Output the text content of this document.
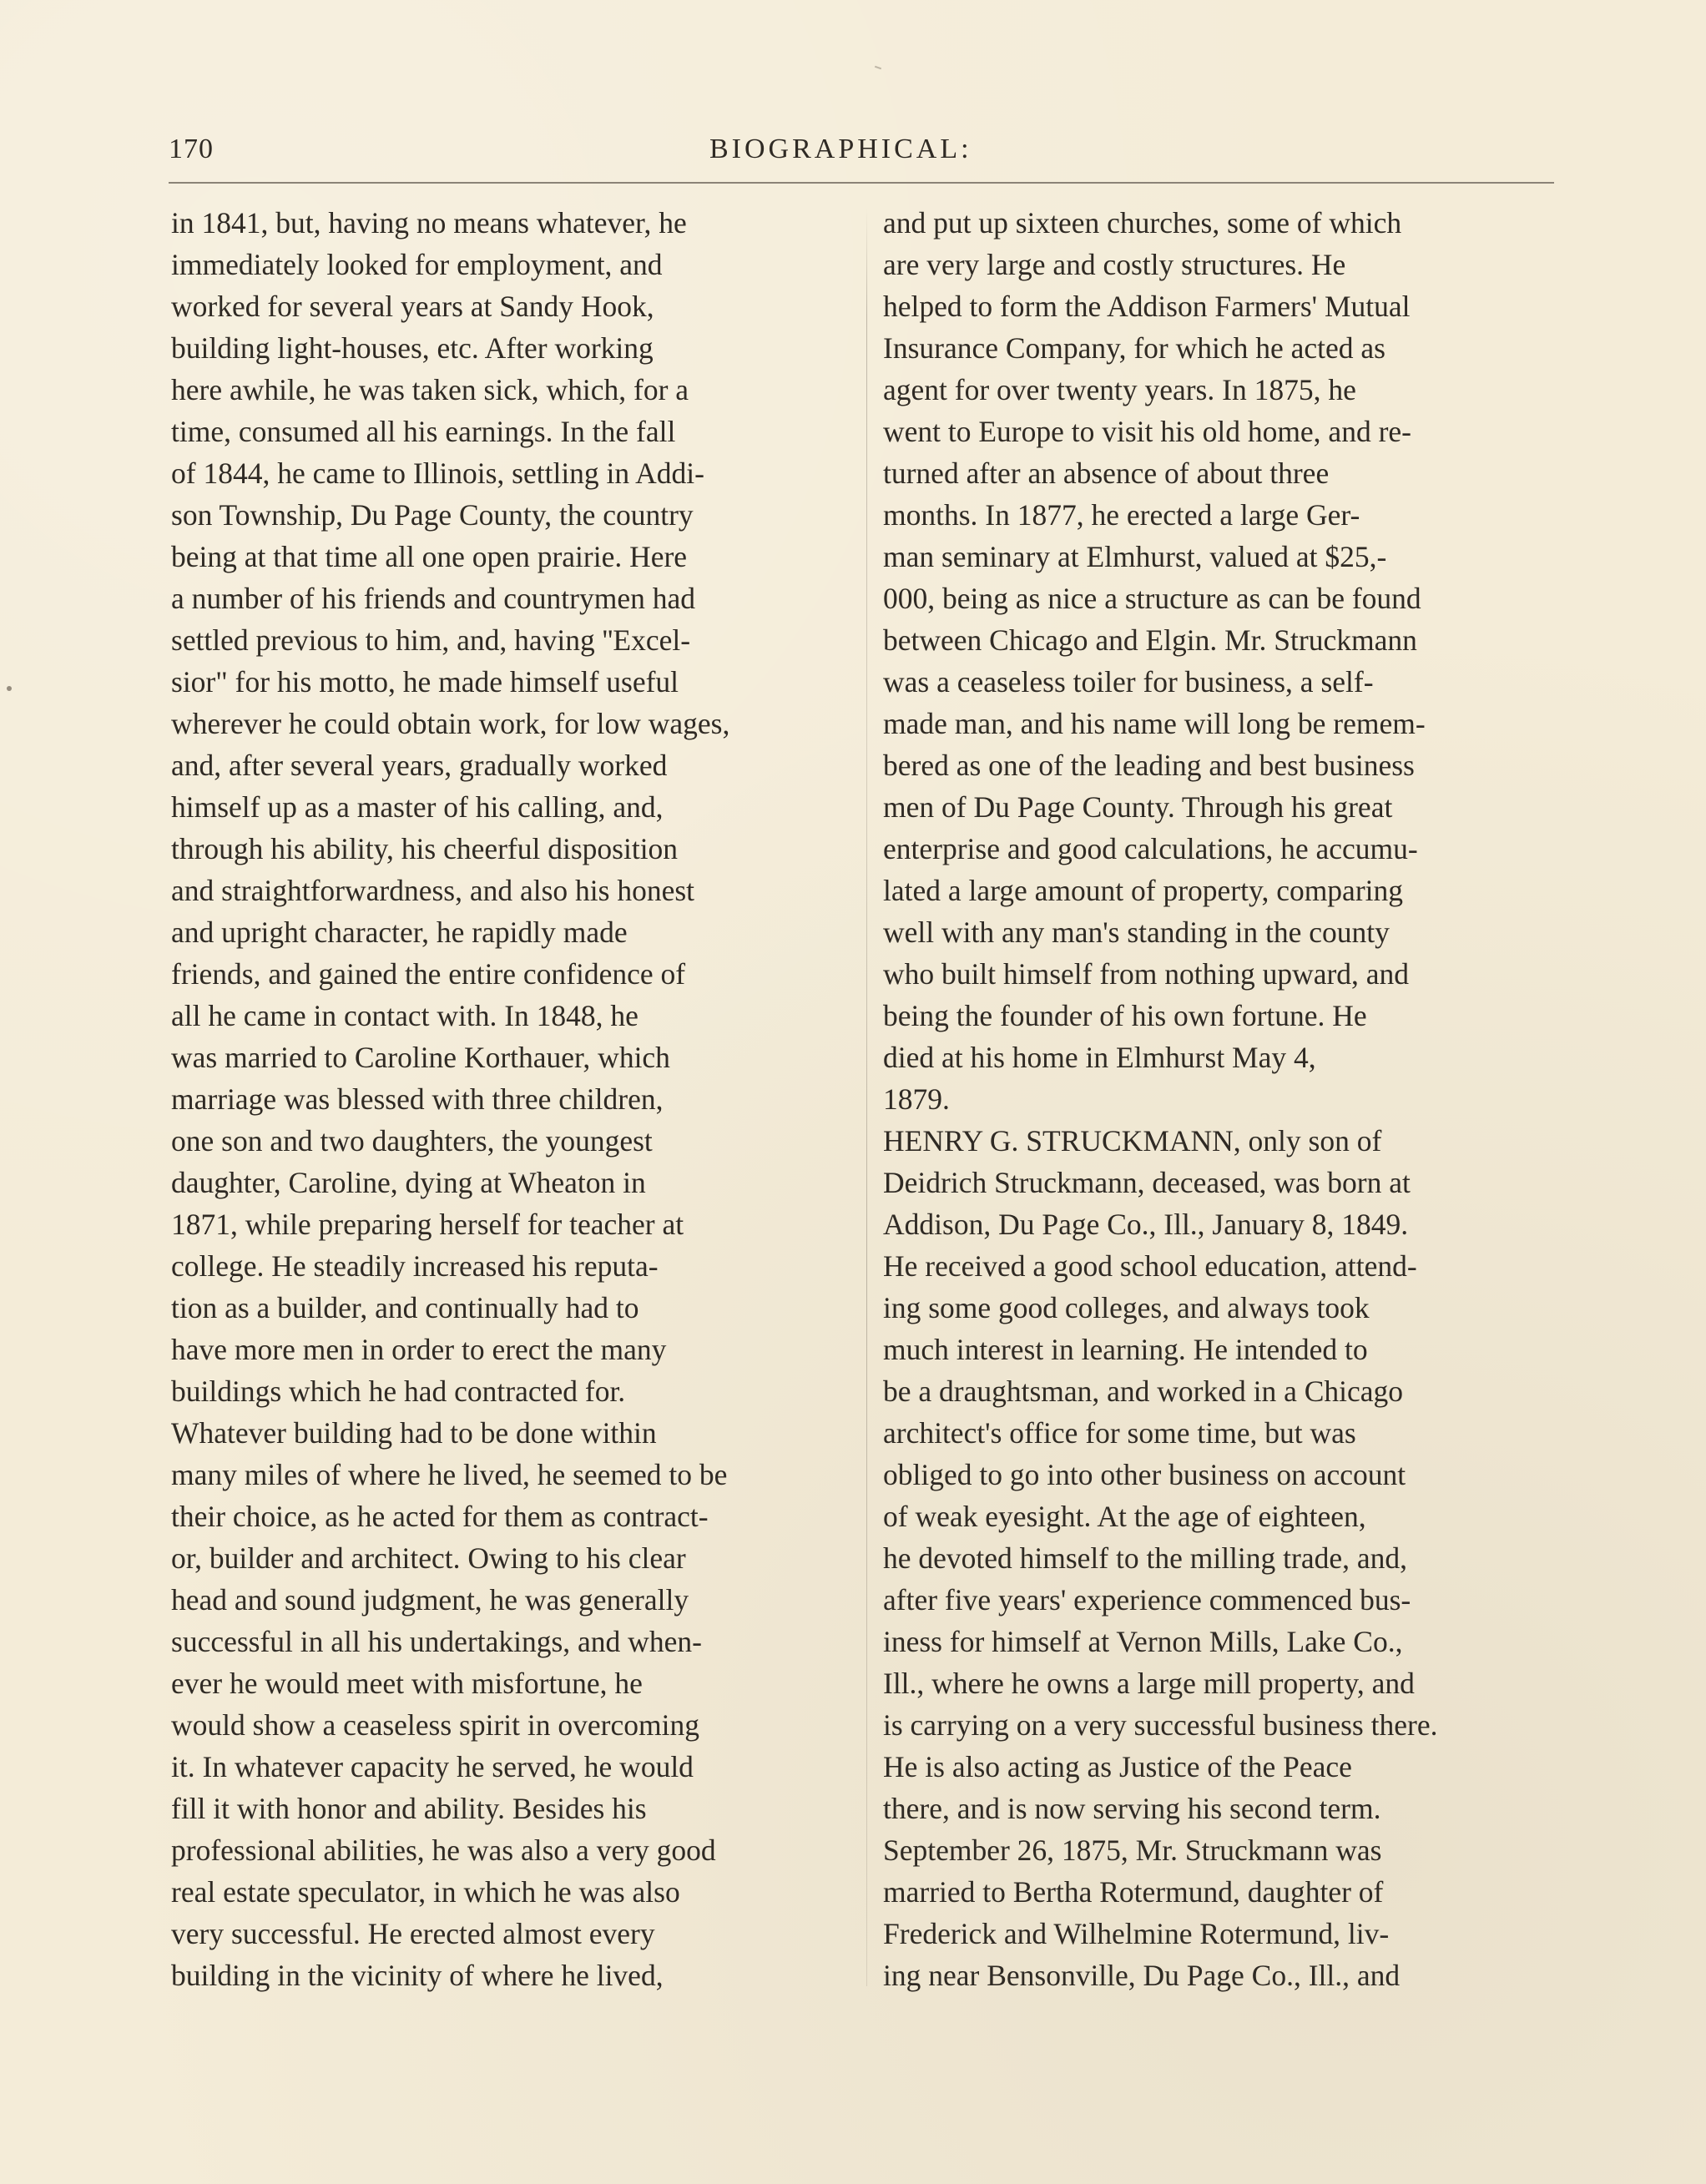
170	BIOGRAPHICAL:
in 1841, but, having no means whatever, he
immediately looked for employment, and
worked for several years at Sandy Hook,
building light-houses, etc. After working
here awhile, he was taken sick, which, for a
time, consumed all his earnings. In the fall
of 1844, he came to Illinois, settling in Addi-
son Township, Du Page County, the country
being at that time all one open prairie. Here
a number of his friends and countrymen had
settled previous to him, and, having ''Excel-
sior" for his motto, he made himself useful
wherever he could obtain work, for low wages,
and, after several years, gradually worked
himself up as a master of his calling, and,
through his ability, his cheerful disposition
and straightforwardness, and also his honest
and upright character, he rapidly made
friends, and gained the entire confidence of
all he came in contact with. In 1848, he
was married to Caroline Korthauer, which
marriage was blessed with three children,
one son and two daughters, the youngest
daughter, Caroline, dying at Wheaton in
1871, while preparing herself for teacher at
college. He steadily increased his reputa-
tion as a builder, and continually had to
have more men in order to erect the many
buildings which he had contracted for.
Whatever building had to be done within
many miles of where he lived, he seemed to be
their choice, as he acted for them as contract-
or, builder and architect. Owing to his clear
head and sound judgment, he was generally
successful in all his undertakings, and when-
ever he would meet with misfortune, he
would show a ceaseless spirit in overcoming
it. In whatever capacity he served, he would
fill it with honor and ability. Besides his
professional abilities, he was also a very good
real estate speculator, in which he was also
very successful. He erected almost every
building in the vicinity of where he lived,
and put up sixteen churches, some of which
are very large and costly structures. He
helped to form the Addison Farmers' Mutual
Insurance Company, for which he acted as
agent for over twenty years. In 1875, he
went to Europe to visit his old home, and re-
turned after an absence of about three
months. In 1877, he erected a large Ger-
man seminary at Elmhurst, valued at $25,-
000, being as nice a structure as can be found
between Chicago and Elgin. Mr. Struckmann
was a ceaseless toiler for business, a self-
made man, and his name will long be remem-
bered as one of the leading and best business
men of Du Page County. Through his great
enterprise and good calculations, he accumu-
lated a large amount of property, comparing
well with any man's standing in the county
who built himself from nothing upward, and
being the founder of his own fortune. He
died at his home in Elmhurst May 4,
1879.
HENRY G. STRUCKMANN, only son of
Deidrich Struckmann, deceased, was born at
Addison, Du Page Co., Ill., January 8, 1849.
He received a good school education, attend-
ing some good colleges, and always took
much interest in learning. He intended to
be a draughtsman, and worked in a Chicago
architect's office for some time, but was
obliged to go into other business on account
of weak eyesight. At the age of eighteen,
he devoted himself to the milling trade, and,
after five years' experience commenced bus-
iness for himself at Vernon Mills, Lake Co.,
Ill., where he owns a large mill property, and
is carrying on a very successful business there.
He is also acting as Justice of the Peace
there, and is now serving his second term.
September 26, 1875, Mr. Struckmann was
married to Bertha Rotermund, daughter of
Frederick and Wilhelmine Rotermund, liv-
ing near Bensonville, Du Page Co., Ill., and
